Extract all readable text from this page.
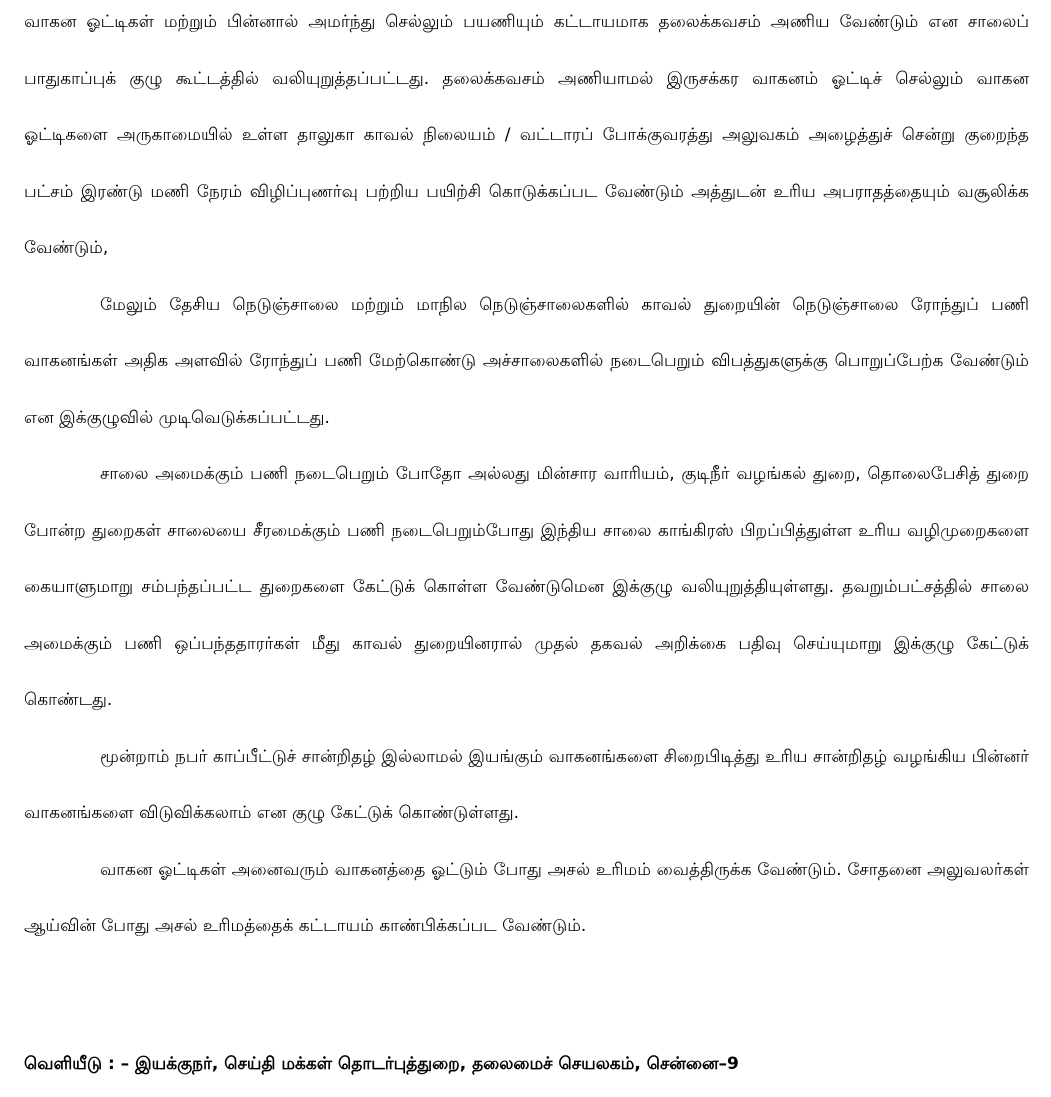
வாகன ஓட்டிகள் மற்றும் பின்னால் அமர்ந்து செல்லும் பயணியும் கட்டாயமாக தலைக்கவசம் அணிய வேண்டும் என சாலைப் பாதுகாப்புக் குழு கூட்டத்தில் வலியுறுத்தப்பட்டது. தலைக்கவசம் அணியாமல் இருசக்கர வாகனம் ஓட்டிச் செல்லும் வாகன ஓட்டிகளை அருகாமையில் உள்ள தாலுகா காவல் நிலையம் / வட்டாரப் போக்குவரத்து அலுவகம் அழைத்துச் சென்று குறைந்த பட்சம் இரண்டு மணி நேரம் விழிப்புணர்வு பற்றிய பயிற்சி கொடுக்கப்பட வேண்டும் அத்துடன் உரிய அபராதத்தையும் வசூலிக்க வேண்டும்,

மேலும் தேசிய நெடுஞ்சாலை மற்றும் மாநில நெடுஞ்சாலைகளில் காவல் துறையின் நெடுஞ்சாலை ரோந்துப் பணி வாகனங்கள் அதிக அளவில் ரோந்துப் பணி மேற்கொண்டு அச்சாலைகளில் நடைபெறும் விபத்துகளுக்கு பொறுப்பேற்க வேண்டும் என இக்குழுவில் முடிவெடுக்கப்பட்டது.

சாலை அமைக்கும் பணி நடைபெறும் போதோ அல்லது மின்சார வாரியம், குடிநீர் வழங்கல் துறை, தொலைபேசித் துறை போன்ற துறைகள் சாலையை சீரமைக்கும் பணி நடைபெறும்போது இந்திய சாலை காங்கிரஸ் பிறப்பித்துள்ள உரிய வழிமுறைகளை கையாளுமாறு சம்பந்தப்பட்ட துறைகளை கேட்டுக் கொள்ள வேண்டுமென இக்குழு வலியுறுத்தியுள்ளது. தவறும்பட்சத்தில் சாலை அமைக்கும் பணி ஒப்பந்ததாரர்கள் மீது காவல் துறையினரால் முதல் தகவல் அறிக்கை பதிவு செய்யுமாறு இக்குழு கேட்டுக் கொண்டது.

மூன்றாம் நபர் காப்பீட்டுச் சான்றிதழ் இல்லாமல் இயங்கும் வாகனங்களை சிறைபிடித்து உரிய சான்றிதழ் வழங்கிய பின்னர் வாகனங்களை விடுவிக்கலாம் என குழு கேட்டுக் கொண்டுள்ளது.

வாகன ஓட்டிகள் அனைவரும் வாகனத்தை ஓட்டும் போது அசல் உரிமம் வைத்திருக்க வேண்டும். சோதனை அலுவலர்கள் ஆய்வின் போது அசல் உரிமத்தைக் கட்டாயம் காண்பிக்கப்பட வேண்டும்.

வெளியீடு : – இயக்குநர், செய்தி மக்கள் தொடர்புத்துறை, தலைமைச் செயலகம், சென்னை–9
